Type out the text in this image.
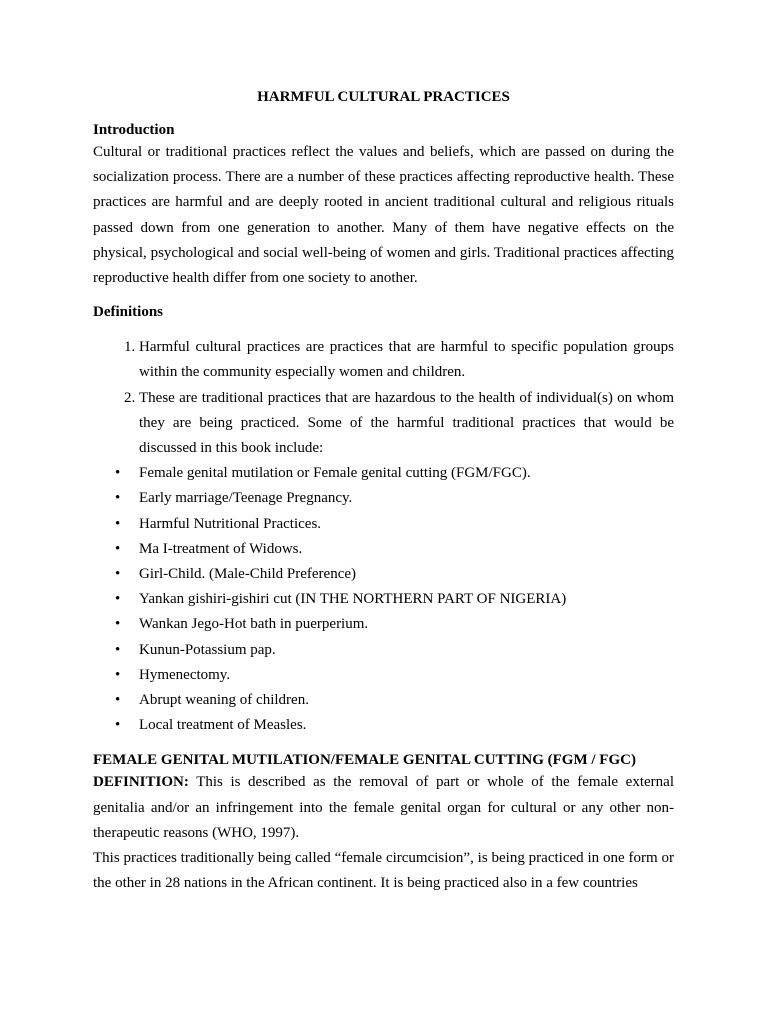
HARMFUL CULTURAL PRACTICES
Introduction

Cultural or traditional practices reflect the values and beliefs, which are passed on during the socialization process. There are a number of these practices affecting reproductive health. These practices are harmful and are deeply rooted in ancient traditional cultural and religious rituals passed down from one generation to another. Many of them have negative effects on the physical, psychological and social well-being of women and girls. Traditional practices affecting reproductive health differ from one society to another.

Definitions
1. Harmful cultural practices are practices that are harmful to specific population groups within the community especially women and children.
2. These are traditional practices that are hazardous to the health of individual(s) on whom they are being practiced. Some of the harmful traditional practices that would be discussed in this book include:
• Female genital mutilation or Female genital cutting (FGM/FGC).
• Early marriage/Teenage Pregnancy.
• Harmful Nutritional Practices.
• Ma I-treatment of Widows.
• Girl-Child. (Male-Child Preference)
• Yankan gishiri-gishiri cut (IN THE NORTHERN PART OF NIGERIA)
• Wankan Jego-Hot bath in puerperium.
• Kunun-Potassium pap.
• Hymenectomy.
• Abrupt weaning of children.
• Local treatment of Measles.
FEMALE GENITAL MUTILATION/FEMALE GENITAL CUTTING (FGM / FGC)

DEFINITION: This is described as the removal of part or whole of the female external genitalia and/or an infringement into the female genital organ for cultural or any other non-therapeutic reasons (WHO, 1997).

This practices traditionally being called “female circumcision”, is being practiced in one form or the other in 28 nations in the African continent. It is being practiced also in a few countries
